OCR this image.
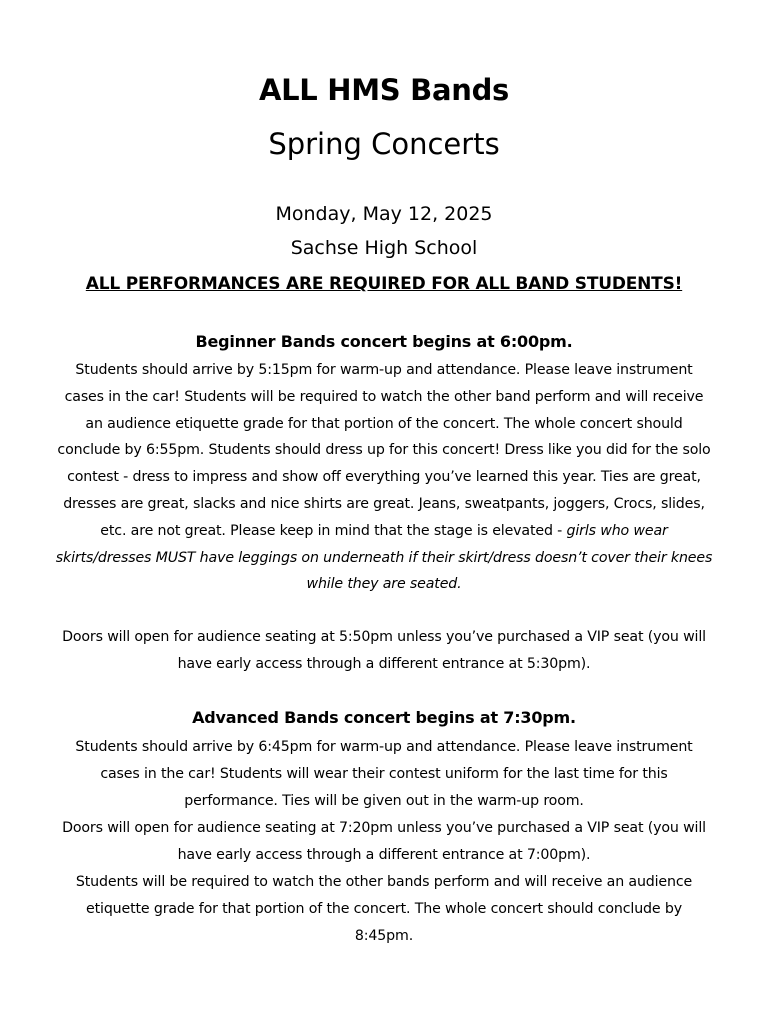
ALL HMS Bands
Spring Concerts
Monday, May 12, 2025
Sachse High School
ALL PERFORMANCES ARE REQUIRED FOR ALL BAND STUDENTS!
Beginner Bands concert begins at 6:00pm.
Students should arrive by 5:15pm for warm-up and attendance. Please leave instrument cases in the car! Students will be required to watch the other band perform and will receive an audience etiquette grade for that portion of the concert. The whole concert should conclude by 6:55pm. Students should dress up for this concert! Dress like you did for the solo contest - dress to impress and show off everything you’ve learned this year. Ties are great, dresses are great, slacks and nice shirts are great. Jeans, sweatpants, joggers, Crocs, slides, etc. are not great. Please keep in mind that the stage is elevated - girls who wear skirts/dresses MUST have leggings on underneath if their skirt/dress doesn’t cover their knees while they are seated.
Doors will open for audience seating at 5:50pm unless you’ve purchased a VIP seat (you will have early access through a different entrance at 5:30pm).
Advanced Bands concert begins at 7:30pm.
Students should arrive by 6:45pm for warm-up and attendance. Please leave instrument cases in the car! Students will wear their contest uniform for the last time for this performance. Ties will be given out in the warm-up room.
Doors will open for audience seating at 7:20pm unless you’ve purchased a VIP seat (you will have early access through a different entrance at 7:00pm).
Students will be required to watch the other bands perform and will receive an audience etiquette grade for that portion of the concert. The whole concert should conclude by 8:45pm.
